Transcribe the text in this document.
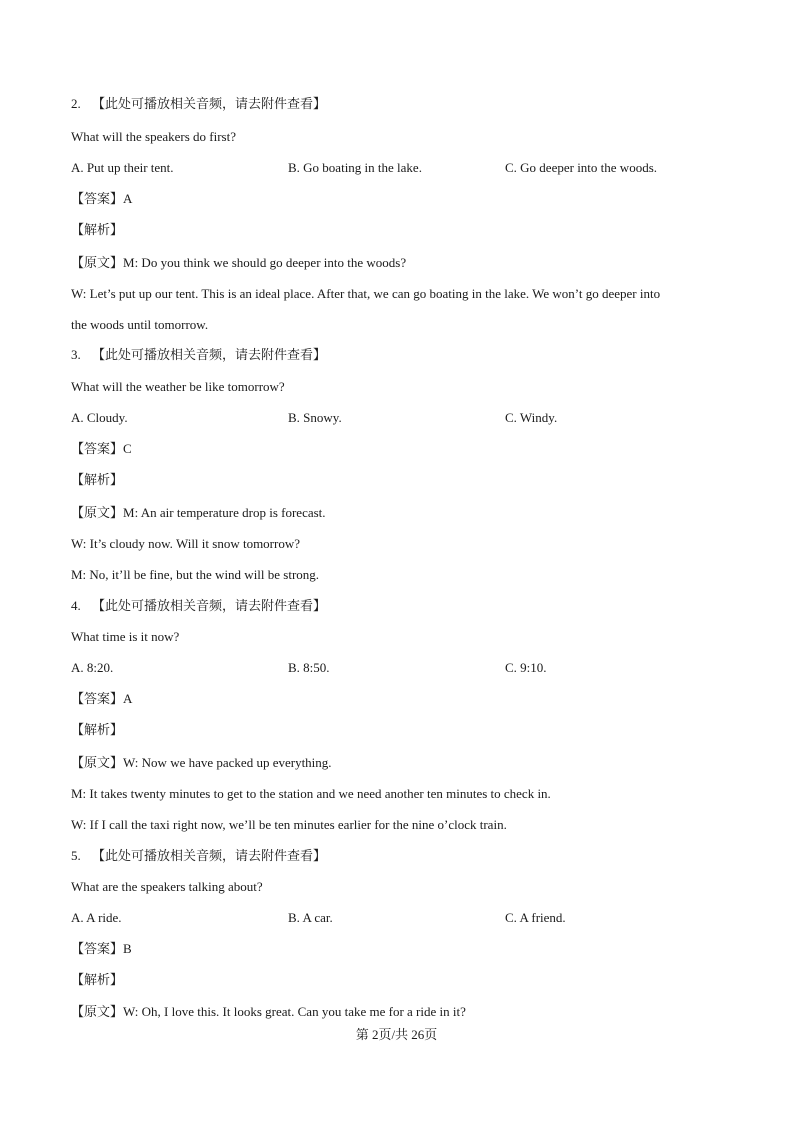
2. 【此处可播放相关音频，请去附件查看】
What will the speakers do first?
A. Put up their tent.	B. Go boating in the lake.	C. Go deeper into the woods.
【答案】A
【解析】
【原文】M: Do you think we should go deeper into the woods?
W: Let’s put up our tent. This is an ideal place. After that, we can go boating in the lake. We won’t go deeper into
the woods until tomorrow.
3. 【此处可播放相关音频，请去附件查看】
What will the weather be like tomorrow?
A. Cloudy.	B. Snowy.	C. Windy.
【答案】C
【解析】
【原文】M: An air temperature drop is forecast.
W: It’s cloudy now. Will it snow tomorrow?
M: No, it’ll be fine, but the wind will be strong.
4. 【此处可播放相关音频，请去附件查看】
What time is it now?
A. 8:20.	B. 8:50.	C. 9:10.
【答案】A
【解析】
【原文】W: Now we have packed up everything.
M: It takes twenty minutes to get to the station and we need another ten minutes to check in.
W: If I call the taxi right now, we’ll be ten minutes earlier for the nine o’clock train.
5. 【此处可播放相关音频，请去附件查看】
What are the speakers talking about?
A. A ride.	B. A car.	C. A friend.
【答案】B
【解析】
【原文】W: Oh, I love this. It looks great. Can you take me for a ride in it?
第 2页/共 26页
